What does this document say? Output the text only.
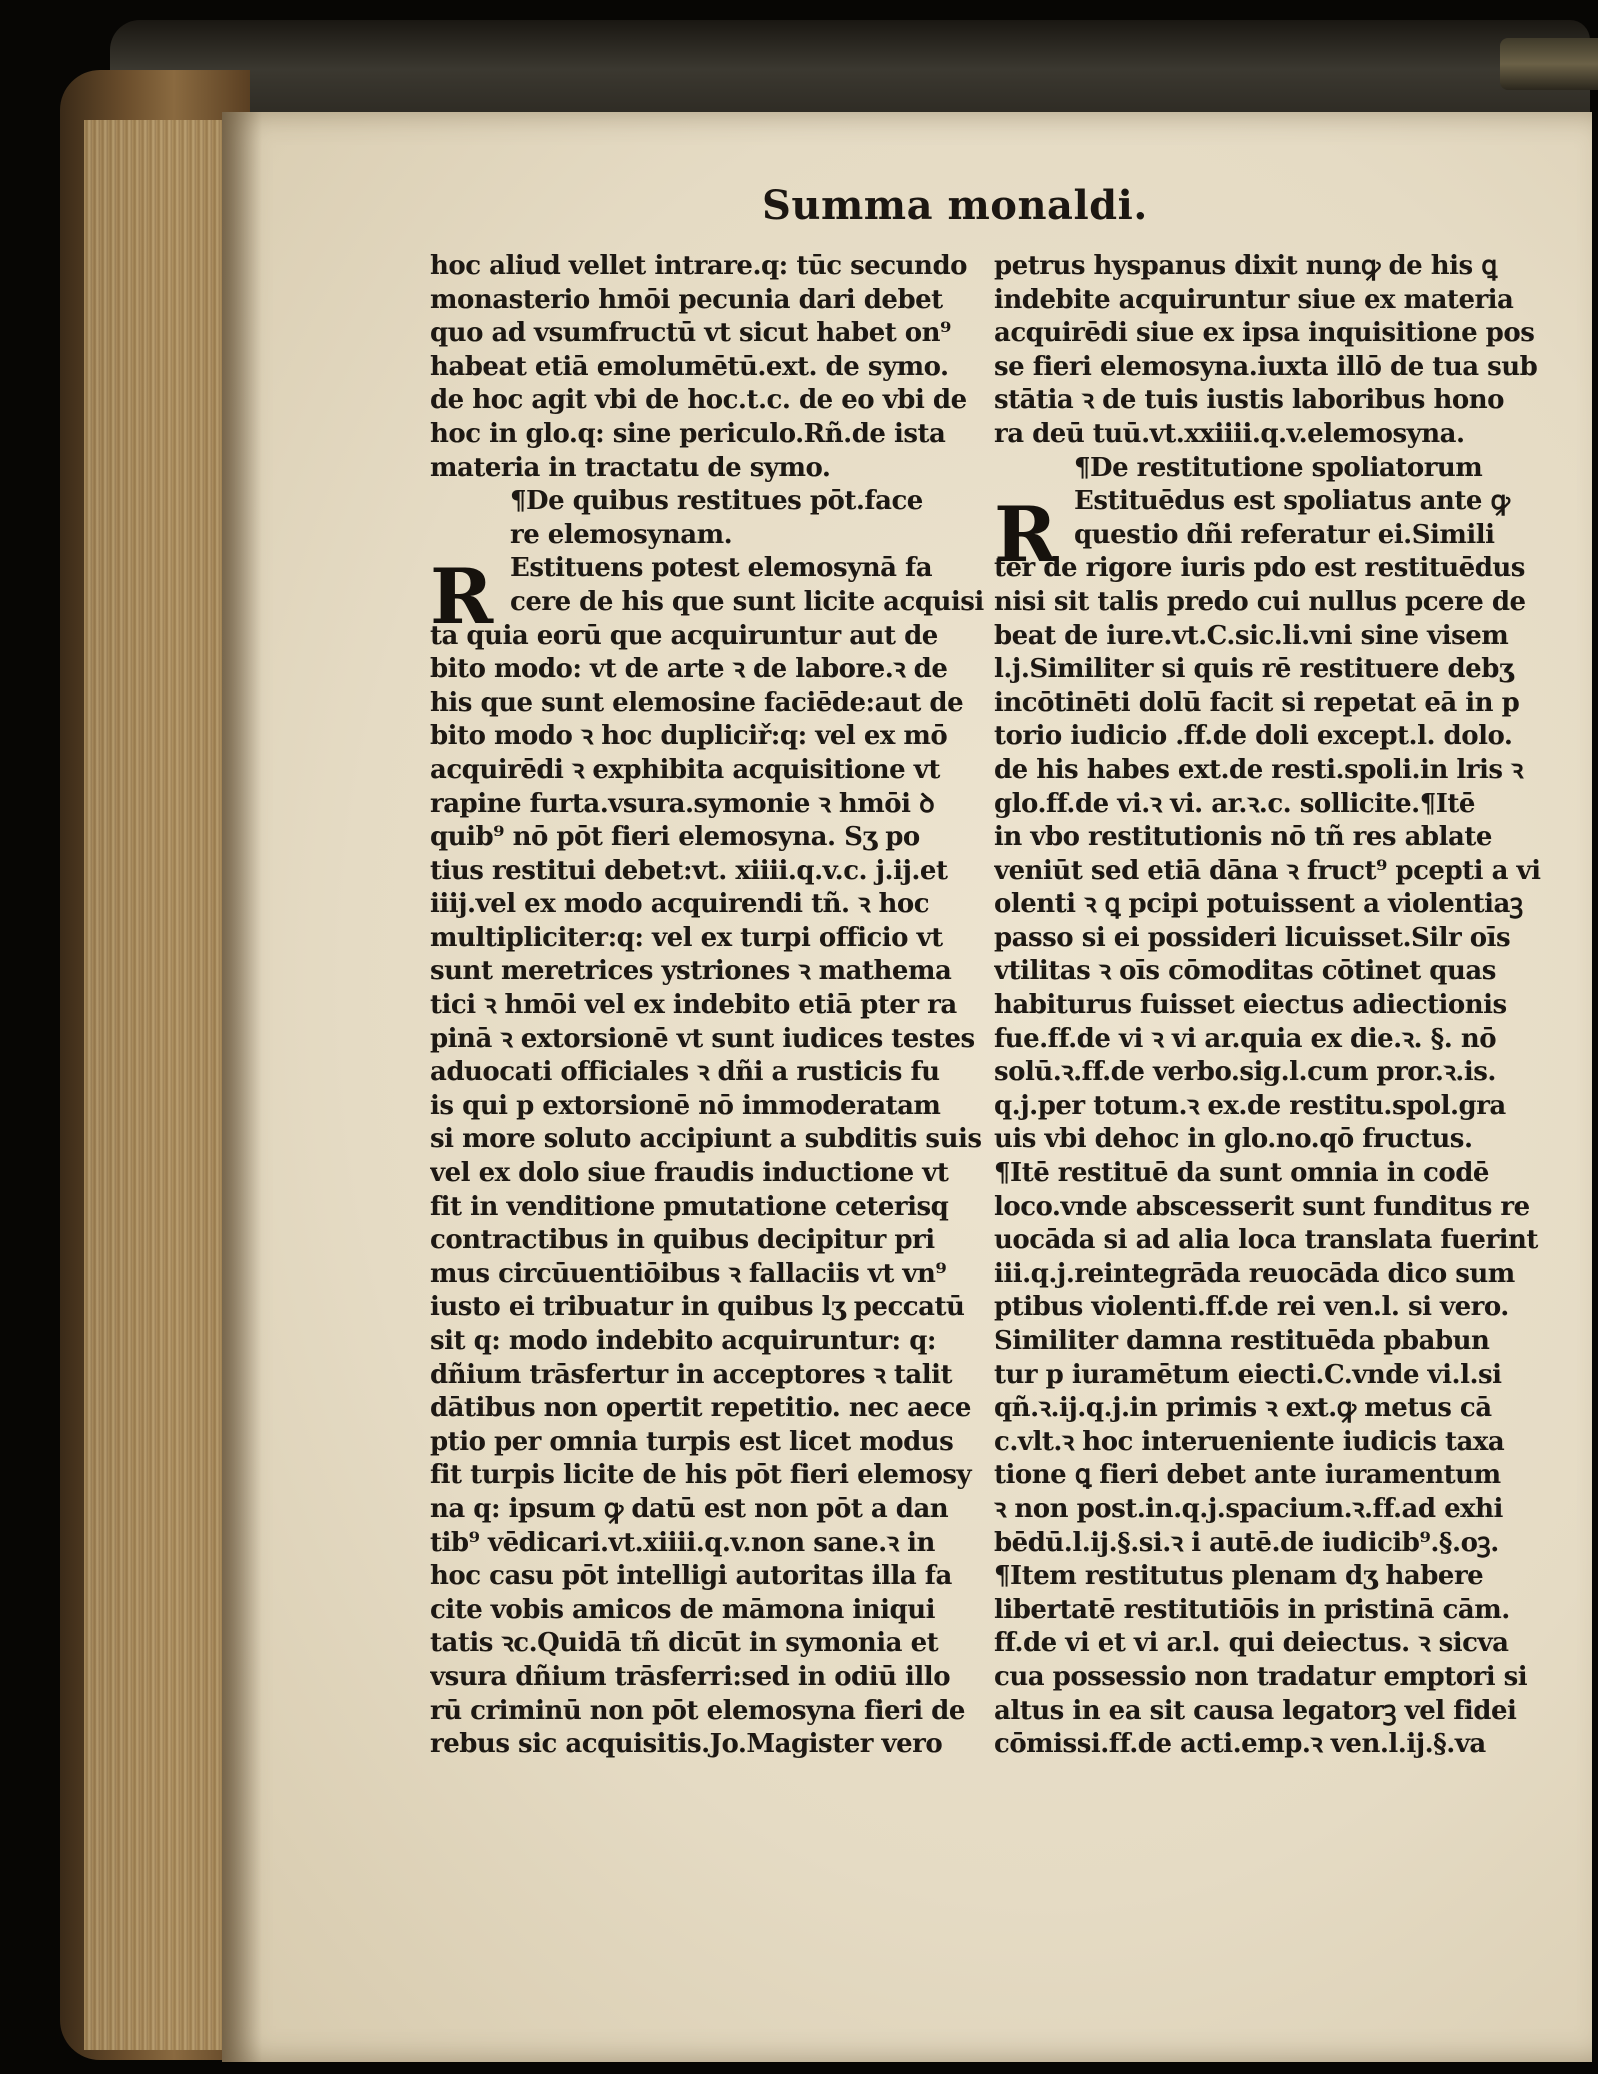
Summa monaldi.
R
hoc aliud vellet intrare.q: tūc secundo
monasterio hmōi pecunia dari debet
quo ad vsumfructū vt sicut habet on⁹
habeat etiā emolumētū.ext. de symo.
de hoc agit vbi de hoc.t.c. de eo vbi de
hoc in glo.q: sine periculo.Rñ.de ista
materia in tractatu de symo.
¶De quibus restitues pōt.face
re elemosynam.
Estituens potest elemosynā fa
cere de his que sunt licite acquisi
ta quia eorū que acquiruntur aut de
bito modo: vt de arte ꝛ de labore.ꝛ de
his que sunt elemosine faciēde:aut de
bito modo ꝛ hoc dupliciř:q: vel ex mō
acquirēdi ꝛ exphibita acquisitione vt
rapine furta.vsura.symonie ꝛ hmōi ꝺ
quib⁹ nō pōt fieri elemosyna. Sʒ po
tius restitui debet:vt. xiiii.q.v.c. j.ij.et
iiij.vel ex modo acquirendi tñ. ꝛ hoc
multipliciter:q: vel ex turpi officio vt
sunt meretrices ystriones ꝛ mathema
tici ꝛ hmōi vel ex indebito etiā pter ra
pinā ꝛ extorsionē vt sunt iudices testes
aduocati officiales ꝛ dñi a rusticis fu
is qui p extorsionē nō immoderatam
si more soluto accipiunt a subditis suis
vel ex dolo siue fraudis inductione vt
fit in venditione pmutatione ceterisq
contractibus in quibus decipitur pri
mus circūuentiōibus ꝛ fallaciis vt vn⁹
iusto ei tribuatur in quibus lʒ peccatū
sit q: modo indebito acquiruntur: q:
dñium trāsfertur in acceptores ꝛ talit
dātibus non opertit repetitio. nec aece
ptio per omnia turpis est licet modus
fit turpis licite de his pōt fieri elemosy
na q: ipsum ꝙ datū est non pōt a dan
tib⁹ vēdicari.vt.xiiii.q.v.non sane.ꝛ in
hoc casu pōt intelligi autoritas illa fa
cite vobis amicos de māmona iniqui
tatis ꝛc.Quidā tñ dicūt in symonia et
vsura dñium trāsferri:sed in odiū illo
rū criminū non pōt elemosyna fieri de
rebus sic acquisitis.Jo.Magister vero
R
petrus hyspanus dixit nunꝙ de his ꝗ
indebite acquiruntur siue ex materia
acquirēdi siue ex ipsa inquisitione pos
se fieri elemosyna.iuxta illō de tua sub
stātia ꝛ de tuis iustis laboribus hono
ra deū tuū.vt.xxiiii.q.v.elemosyna.
¶De restitutione spoliatorum
Estituēdus est spoliatus ante ꝙ
questio dñi referatur ei.Simili
ter de rigore iuris pdo est restituēdus
nisi sit talis predo cui nullus pcere de
beat de iure.vt.C.sic.li.vni sine visem
l.j.Similiter si quis rē restituere debʒ
incōtinēti dolū facit si repetat eā in p
torio iudicio .ff.de doli except.l. dolo.
de his habes ext.de resti.spoli.in lris ꝛ
glo.ff.de vi.ꝛ vi. ar.ꝛ.c. sollicite.¶Itē
in vbo restitutionis nō tñ res ablate
veniūt sed etiā dāna ꝛ fruct⁹ pcepti a vi
olenti ꝛ ꝗ pcipi potuissent a violentiaꝫ
passo si ei possideri licuisset.Silr oīs
vtilitas ꝛ oīs cōmoditas cōtinet quas
habiturus fuisset eiectus adiectionis
fue.ff.de vi ꝛ vi ar.quia ex die.ꝛ. §. nō
solū.ꝛ.ff.de verbo.sig.l.cum pror.ꝛ.is.
q.j.per totum.ꝛ ex.de restitu.spol.gra
uis vbi dehoc in glo.no.qō fructus.
¶Itē restituē da sunt omnia in codē
loco.vnde abscesserit sunt funditus re
uocāda si ad alia loca translata fuerint
iii.q.j.reintegrāda reuocāda dico sum
ptibus violenti.ff.de rei ven.l. si vero.
Similiter damna restituēda pbabun
tur p iuramētum eiecti.C.vnde vi.l.si
qñ.ꝛ.ij.q.j.in primis ꝛ ext.ꝙ metus cā
c.vlt.ꝛ hoc interueniente iudicis taxa
tione ꝗ fieri debet ante iuramentum
ꝛ non post.in.q.j.spacium.ꝛ.ff.ad exhi
bēdū.l.ij.§.si.ꝛ i autē.de iudicib⁹.§.oꝫ.
¶Item restitutus plenam dʒ habere
libertatē restitutiōis in pristinā cām.
ff.de vi et vi ar.l. qui deiectus. ꝛ sicva
cua possessio non tradatur emptori si
altus in ea sit causa legatorꝫ vel fidei
cōmissi.ff.de acti.emp.ꝛ ven.l.ij.§.va
